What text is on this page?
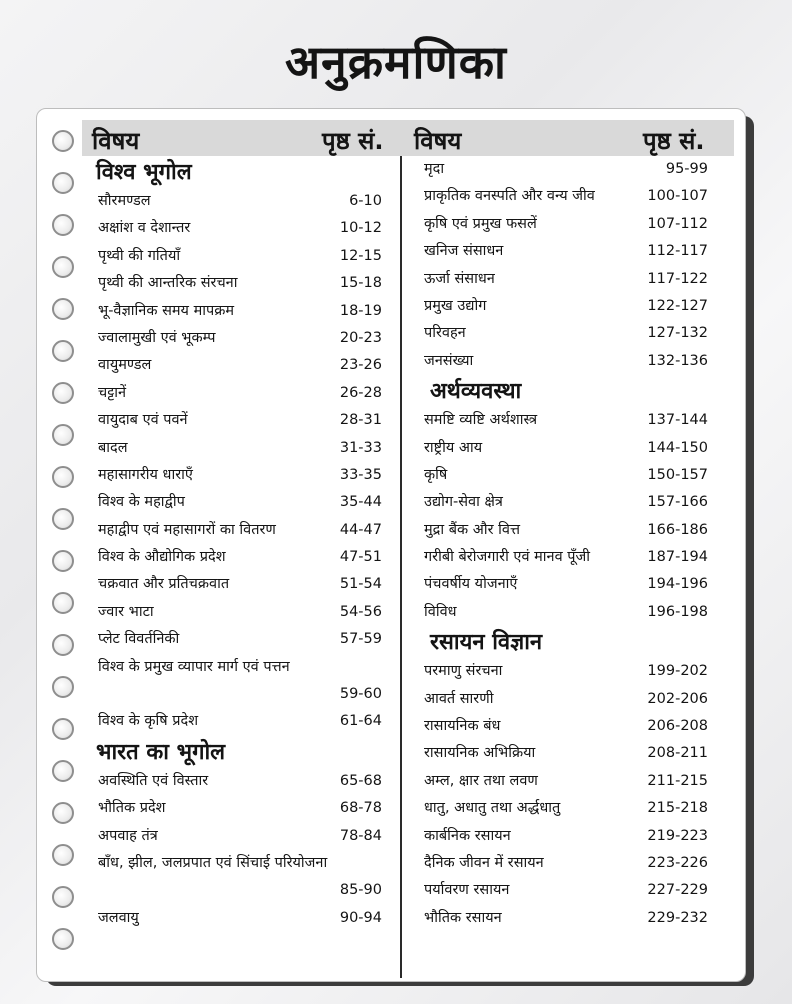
अनुक्रमणिका
विषय	पृष्ठ सं. विषय	पृष्ठ सं.
विश्व भूगोल
सौरमण्डल	6-10
अक्षांश व देशान्तर	10-12
पृथ्वी की गतियाँ	12-15
पृथ्वी की आन्तरिक संरचना	15-18
भू-वैज्ञानिक समय मापक्रम	18-19
ज्वालामुखी एवं भूकम्प	20-23
वायुमण्डल	23-26
चट्टानें	26-28
वायुदाब एवं पवनें	28-31
बादल	31-33
महासागरीय धाराएँ	33-35
विश्व के महाद्वीप	35-44
महाद्वीप एवं महासागरों का वितरण	44-47
विश्व के औद्योगिक प्रदेश	47-51
चक्रवात और प्रतिचक्रवात	51-54
ज्वार भाटा	54-56
प्लेट विवर्तनिकी	57-59
विश्व के प्रमुख व्यापार मार्ग एवं पत्तन
59-60
विश्व के कृषि प्रदेश	61-64
भारत का भूगोल
अवस्थिति एवं विस्तार	65-68
भौतिक प्रदेश	68-78
अपवाह तंत्र	78-84
बाँध, झील, जलप्रपात एवं सिंचाई परियोजना
85-90
जलवायु	90-94
मृदा	95-99
प्राकृतिक वनस्पति और वन्य जीव	100-107
कृषि एवं प्रमुख फसलें	107-112
खनिज संसाधन	112-117
ऊर्जा संसाधन	117-122
प्रमुख उद्योग	122-127
परिवहन	127-132
जनसंख्या	132-136
अर्थव्यवस्था
समष्टि व्यष्टि अर्थशास्त्र	137-144
राष्ट्रीय आय	144-150
कृषि	150-157
उद्योग-सेवा क्षेत्र	157-166
मुद्रा बैंक और वित्त	166-186
गरीबी बेरोजगारी एवं मानव पूँजी	187-194
पंचवर्षीय योजनाएँ	194-196
विविध	196-198
रसायन विज्ञान
परमाणु संरचना	199-202
आवर्त सारणी	202-206
रासायनिक बंध	206-208
रासायनिक अभिक्रिया	208-211
अम्ल, क्षार तथा लवण	211-215
धातु, अधातु तथा अर्द्धधातु	215-218
कार्बनिक रसायन	219-223
दैनिक जीवन में रसायन	223-226
पर्यावरण रसायन	227-229
भौतिक रसायन	229-232
